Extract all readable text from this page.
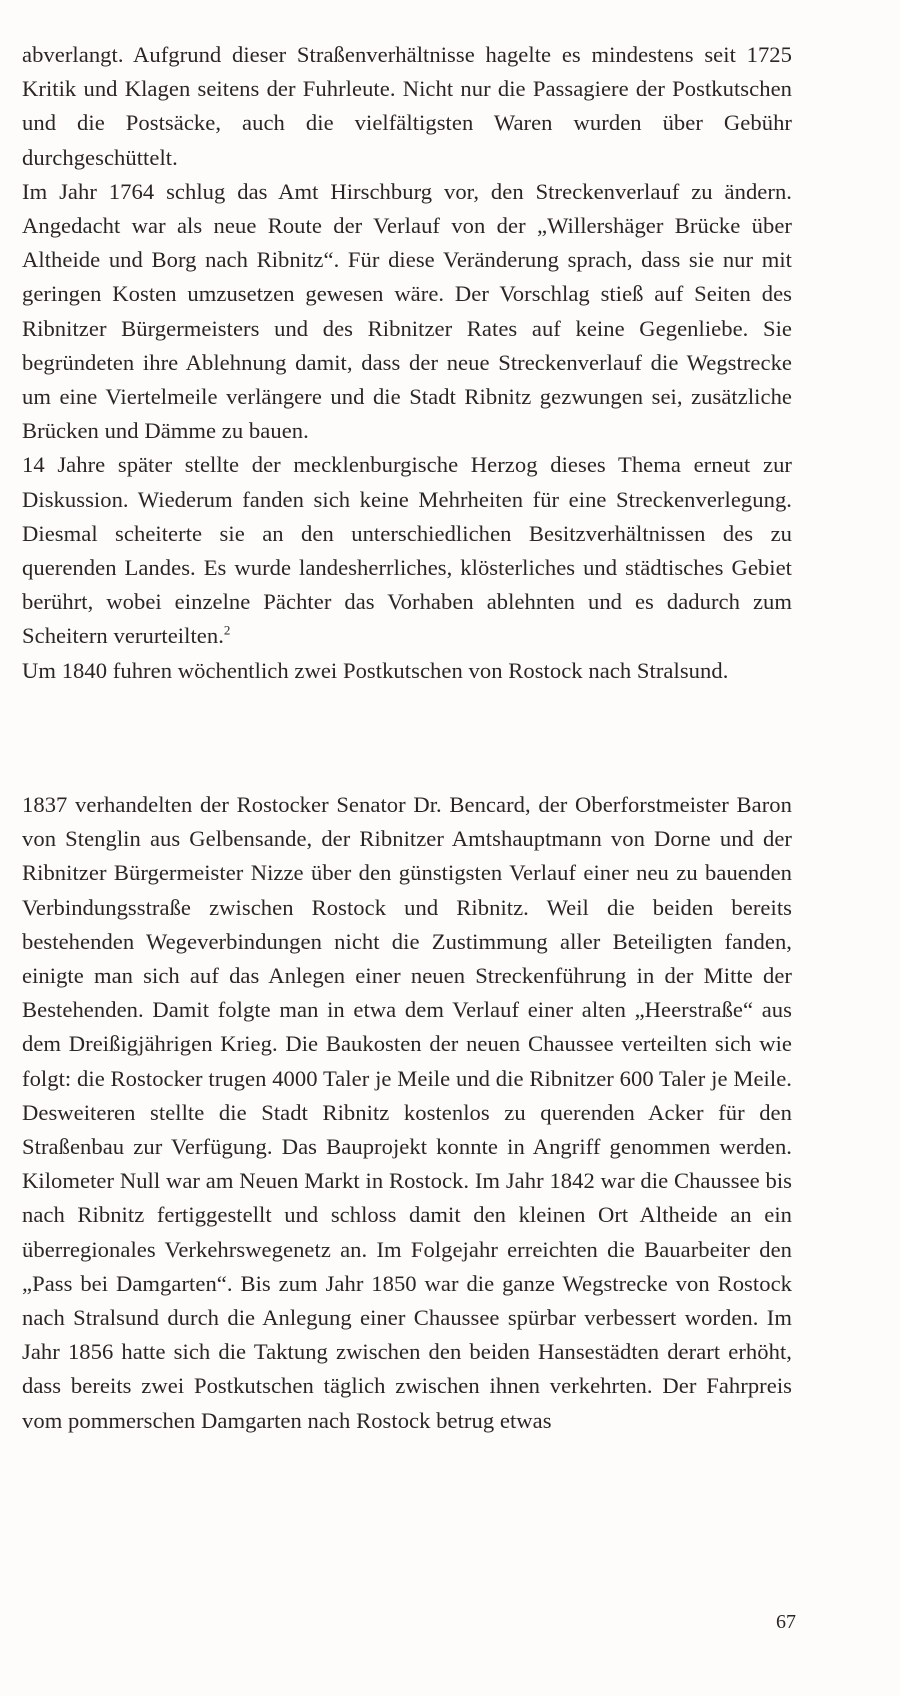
abverlangt. Aufgrund dieser Straßenverhältnisse hagelte es mindestens seit 1725 Kritik und Klagen seitens der Fuhrleute. Nicht nur die Passagiere der Postkutschen und die Postsäcke, auch die vielfältigsten Waren wurden über Gebühr durchgeschüttelt.

Im Jahr 1764 schlug das Amt Hirschburg vor, den Streckenverlauf zu ändern. Angedacht war als neue Route der Verlauf von der „Willershäger Brücke über Altheide und Borg nach Ribnitz“. Für diese Veränderung sprach, dass sie nur mit geringen Kosten umzusetzen gewesen wäre. Der Vorschlag stieß auf Seiten des Ribnitzer Bürgermeisters und des Ribnitzer Rates auf keine Gegenliebe. Sie begründeten ihre Ablehnung damit, dass der neue Streckenverlauf die Wegstrecke um eine Viertelmeile verlängere und die Stadt Ribnitz gezwungen sei, zusätzliche Brücken und Dämme zu bauen.

14 Jahre später stellte der mecklenburgische Herzog dieses Thema erneut zur Diskussion. Wiederum fanden sich keine Mehrheiten für eine Streckenverlegung. Diesmal scheiterte sie an den unterschiedlichen Besitzverhältnissen des zu querenden Landes. Es wurde landesherrliches, klösterliches und städtisches Gebiet berührt, wobei einzelne Pächter das Vorhaben ablehnten und es dadurch zum Scheitern verurteilten.$^2$

Um 1840 fuhren wöchentlich zwei Postkutschen von Rostock nach Stralsund.

1837 verhandelten der Rostocker Senator Dr. Bencard, der Oberforstmeister Baron von Stenglin aus Gelbensande, der Ribnitzer Amtshauptmann von Dorne und der Ribnitzer Bürgermeister Nizze über den günstigsten Verlauf einer neu zu bauenden Verbindungsstraße zwischen Rostock und Ribnitz. Weil die beiden bereits bestehenden Wegeverbindungen nicht die Zustimmung aller Beteiligten fanden, einigte man sich auf das Anlegen einer neuen Streckenführung in der Mitte der Bestehenden. Damit folgte man in etwa dem Verlauf einer alten „Heerstraße“ aus dem Dreißigjährigen Krieg. Die Baukosten der neuen Chaussee verteilten sich wie folgt: die Rostocker trugen 4000 Taler je Meile und die Ribnitzer 600 Taler je Meile. Desweiteren stellte die Stadt Ribnitz kostenlos zu querenden Acker für den Straßenbau zur Verfügung. Das Bauprojekt konnte in Angriff genommen werden. Kilometer Null war am Neuen Markt in Rostock. Im Jahr 1842 war die Chaussee bis nach Ribnitz fertiggestellt und schloss damit den kleinen Ort Altheide an ein überregionales Verkehrswegenetz an. Im Folgejahr erreichten die Bauarbeiter den „Pass bei Damgarten“. Bis zum Jahr 1850 war die ganze Wegstrecke von Rostock nach Stralsund durch die Anlegung einer Chaussee spürbar verbessert worden. Im Jahr 1856 hatte sich die Taktung zwischen den beiden Hansestädten derart erhöht, dass bereits zwei Postkutschen täglich zwischen ihnen verkehrten. Der Fahrpreis vom pommerschen Damgarten nach Rostock betrug etwas

67
